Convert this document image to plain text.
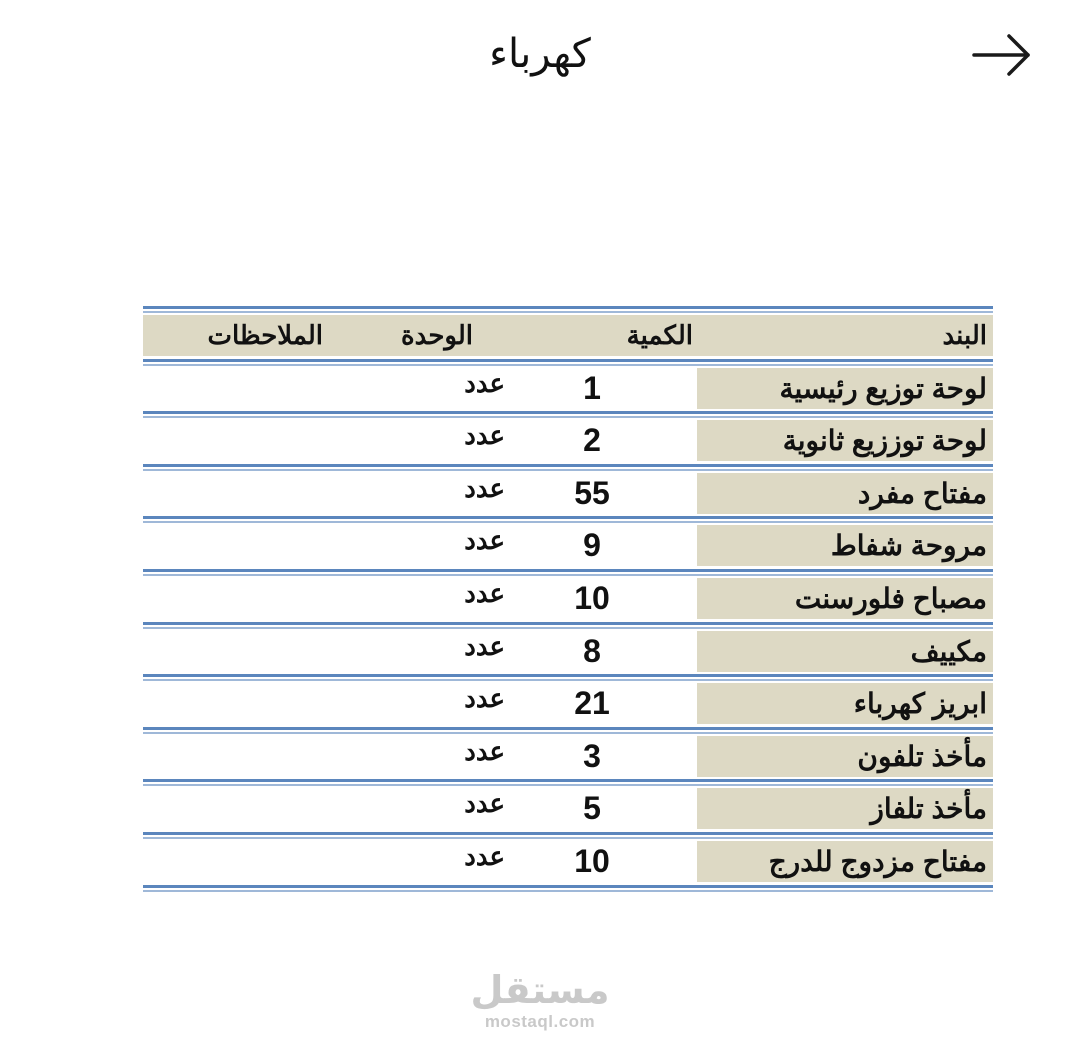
كهرباء
البند
الكمية
الوحدة
الملاحظات
لوحة توزيع رئيسية
1
عدد
لوحة توززيع ثانوية
2
عدد
مفتاح مفرد
55
عدد
مروحة شفاط
9
عدد
مصباح فلورسنت
10
عدد
مكييف
8
عدد
ابريز كهرباء
21
عدد
مأخذ تلفون
3
عدد
مأخذ تلفاز
5
عدد
مفتاح مزدوج للدرج
10
عدد
مستقل
mostaql.com
